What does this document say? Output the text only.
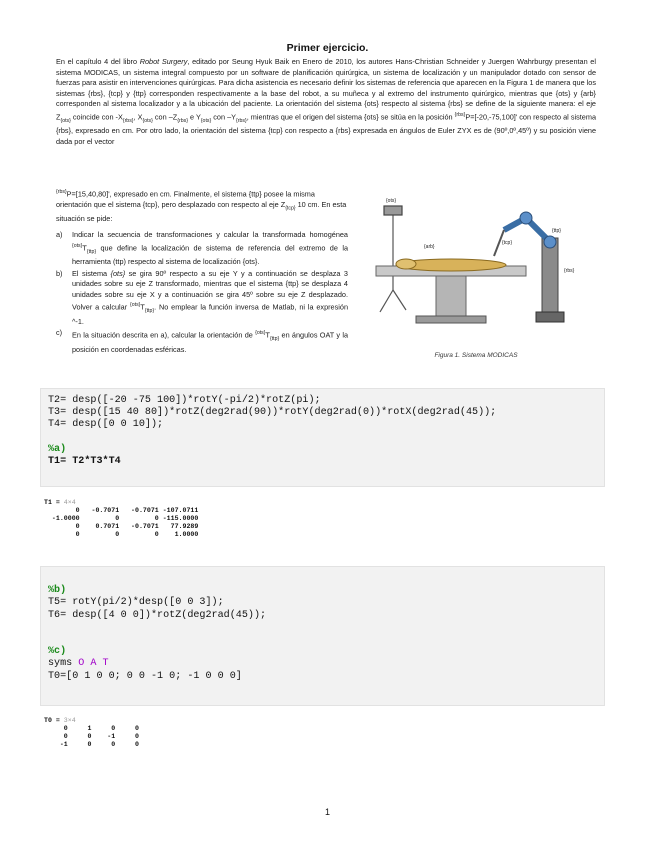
Primer ejercicio.

En el capítulo 4 del libro Robot Surgery, editado por Seung Hyuk Baik en Enero de 2010, los autores Hans-Christian Schneider y Juergen Wahrburgy presentan el sistema MODICAS, un sistema integral compuesto por un software de planificación quirúrgica, un sistema de localización y un manipulador dotado con sensor de fuerzas para asistir en intervenciones quirúrgicas. Para dicha asistencia es necesario definir los sistemas de referencia que aparecen en la Figura 1 de manera que los sistemas {rbs}, {tcp} y {ttp} corresponden respectivamente a la base del robot, a su muñeca y al extremo del instrumento quirúrgico, mientras que {ots} y {arb} corresponden al sistema localizador y a la ubicación del paciente. La orientación del sistema {ots} respecto al sistema {rbs} se define de la siguiente manera: el eje $Z_{\{ots\}}$ coincide con $-X_{\{rbs\}}$, $X_{\{ots\}}$ con $-Z_{\{rbs\}}$ e $Y_{\{ots\}}$ con $-Y_{\{rbs\}}$, mientras que el origen del sistema {ots} se sitúa en la posición $^{\{rbs\}}$P=[-20,-75,100]' con respecto al sistema {rbs}, expresado en cm. Por otro lado, la orientación del sistema {tcp} con respecto a {rbs} expresada en ángulos de Euler ZYX es de (90º,0º,45º) y su posición viene dada por el vector

$^{\{rbs\}}$P=[15,40,80]', expresado en cm. Finalmente, el sistema {ttp} posee la misma orientación que el sistema {tcp}, pero desplazado con respecto al eje $Z_{\{tcp\}}$ 10 cm. En esta situación se pide:

a)	Indicar la secuencia de transformaciones y calcular la transformada homogénea $^{\{ots\}}T_{\{ttp\}}$ que define la localización de sistema de referencia del extremo de la herramienta (ttp) respecto al sistema de localización {ots}.
b)	El sistema {ots} se gira 90º respecto a su eje Y y a continuación se desplaza 3 unidades sobre su eje Z transformado, mientras que el sistema {ttp} se desplaza 4 unidades sobre su eje X y a continuación se gira 45º sobre su eje Z desplazado. Volver a calcular $^{\{ots\}}T_{\{ttp\}}$. No emplear la función inversa de Matlab, ni la expresión ^-1.
c)	En la situación descrita en a), calcular la orientación de $^{\{ots\}}T_{\{ttp\}}$ en ángulos OAT y la posición en coordenadas esféricas.
{ots}
{arb}
{tcp}
{rbs}
{ttp}
Figura 1. Sistema MODICAS
T2= desp([-20 -75 100])*rotY(-pi/2)*rotZ(pi);
T3= desp([15 40 80])*rotZ(deg2rad(90))*rotY(deg2rad(0))*rotX(deg2rad(45));
T4= desp([0 0 10]);
%a)
T1= T2*T3*T4
T1 = 4×4
0   -0.7071   -0.7071 -107.0711
-1.0000         0         0 -115.0000
0    0.7071   -0.7071   77.9289
0         0         0    1.0000
%b)
T5= rotY(pi/2)*desp([0 0 3]);
T6= desp([4 0 0])*rotZ(deg2rad(45));
%c)
syms O A T
T0=[0 1 0 0; 0 0 -1 0; -1 0 0 0]
T0 = 3×4
0     1     0     0
0     0    -1     0
-1     0     0     0
1
